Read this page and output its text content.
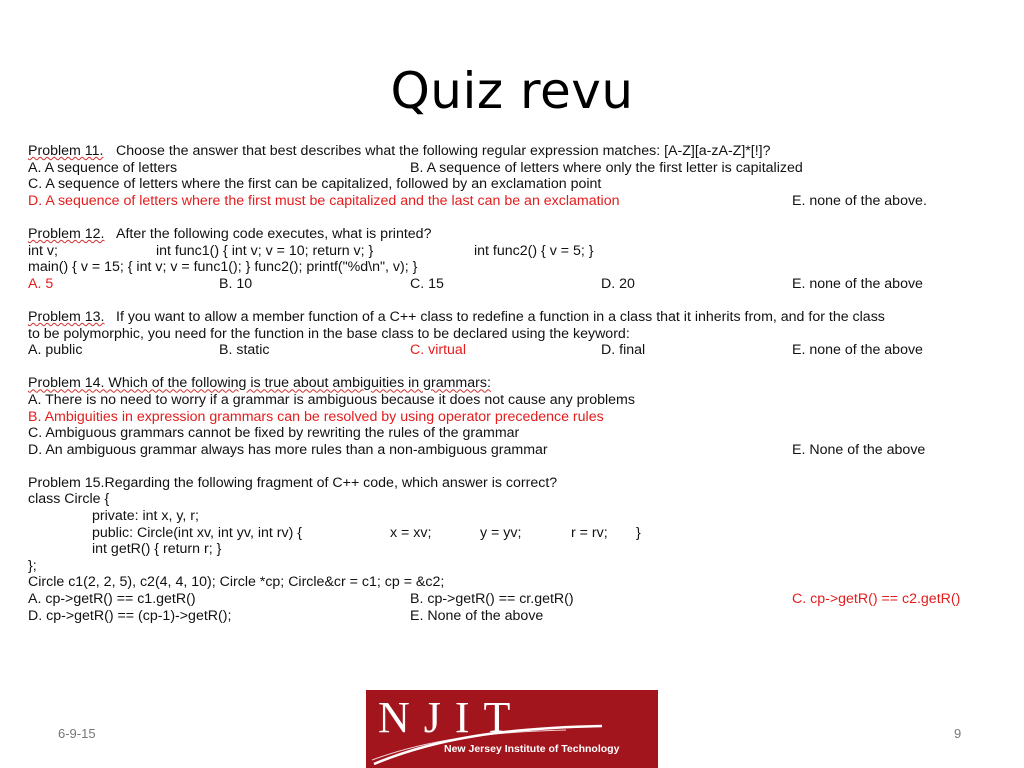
Quiz revu
Problem 11. Choose the answer that best describes what the following regular expression matches: [A-Z][a-zA-Z]*[!]?
A. A sequence of letters	B. A sequence of letters where only the first letter is capitalized
C. A sequence of letters where the first can be capitalized, followed by an exclamation point
D. A sequence of letters where the first must be capitalized and the last can be an exclamation	E. none of the above.
Problem 12. After the following code executes, what is printed?
int v;	int func1() { int v; v = 10; return v; }	int func2() { v = 5; }
main() { v = 15; { int v; v = func1(); } func2(); printf("%d\n", v); }
A. 5	B. 10	C. 15	D. 20	E. none of the above
Problem 13. If you want to allow a member function of a C++ class to redefine a function in a class that it inherits from, and for the class
to be polymorphic, you need for the function in the base class to be declared using the keyword:
A. public	B. static	C. virtual	D. final	E. none of the above
Problem 14. Which of the following is true about ambiguities in grammars:
A. There is no need to worry if a grammar is ambiguous because it does not cause any problems
B. Ambiguities in expression grammars can be resolved by using operator precedence rules
C. Ambiguous grammars cannot be fixed by rewriting the rules of the grammar
D. An ambiguous grammar always has more rules than a non-ambiguous grammar	E. None of the above
Problem 15.Regarding the following fragment of C++ code, which answer is correct?
class Circle {
private: int x, y, r;
public: Circle(int xv, int yv, int rv) {	x = xv;	y = yv;	r = rv; }
int getR() { return r; }
};
Circle c1(2, 2, 5), c2(4, 4, 10); Circle *cp; Circle&cr = c1; cp = &c2;
A. cp->getR() == c1.getR()	B. cp->getR() == cr.getR()	C. cp->getR() == c2.getR()
D. cp->getR() == (cp-1)->getR();	E. None of the above
6-9-15	NJIT
New Jersey Institute of Technology
9
